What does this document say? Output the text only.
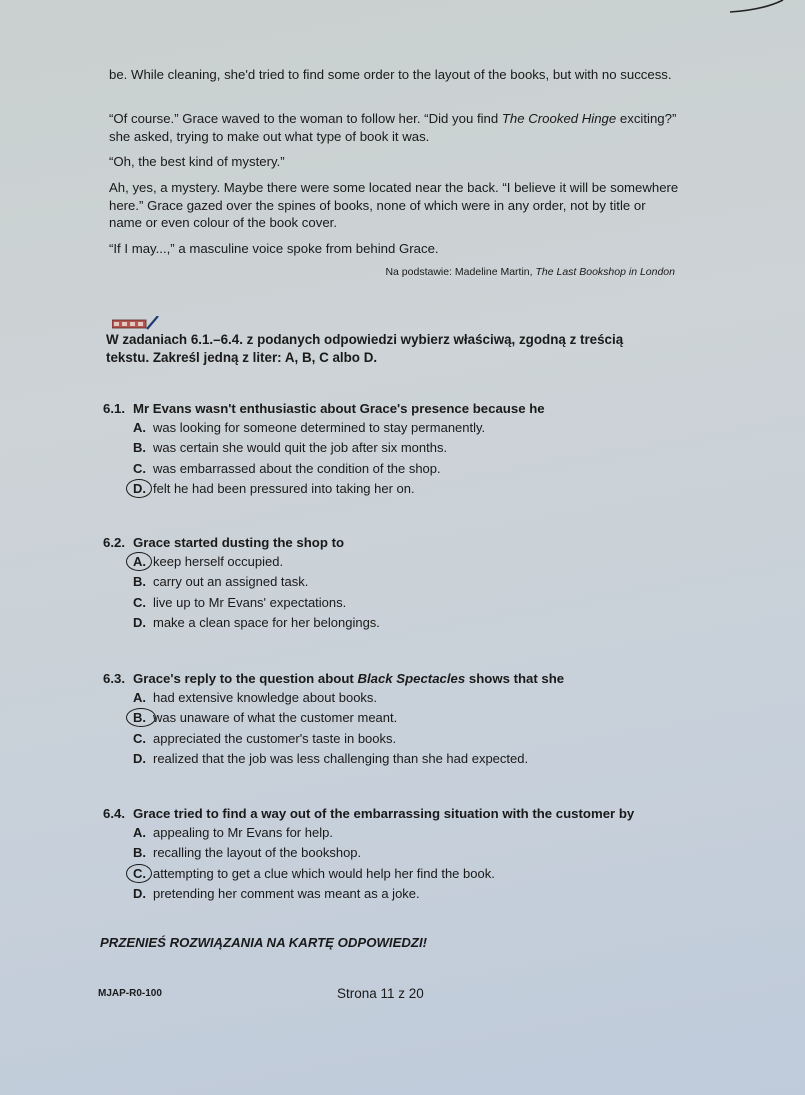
be. While cleaning, she'd tried to find some order to the layout of the books, but with no success.

“Of course.” Grace waved to the woman to follow her. “Did you find The Crooked Hinge exciting?” she asked, trying to make out what type of book it was.

“Oh, the best kind of mystery.”

Ah, yes, a mystery. Maybe there were some located near the back. “I believe it will be somewhere here.” Grace gazed over the spines of books, none of which were in any order, not by title or name or even colour of the book cover.

“If I may...,” a masculine voice spoke from behind Grace.

Na podstawie: Madeline Martin, The Last Bookshop in London
W zadaniach 6.1.–6.4. z podanych odpowiedzi wybierz właściwą, zgodną z treścią tekstu. Zakreśl jedną z liter: A, B, C albo D.
6.1. Mr Evans wasn't enthusiastic about Grace's presence because he
A. was looking for someone determined to stay permanently.
B. was certain she would quit the job after six months.
C. was embarrassed about the condition of the shop.
D. felt he had been pressured into taking her on.
6.2. Grace started dusting the shop to
A. keep herself occupied.
B. carry out an assigned task.
C. live up to Mr Evans' expectations.
D. make a clean space for her belongings.
6.3. Grace's reply to the question about Black Spectacles shows that she
A. had extensive knowledge about books.
B. was unaware of what the customer meant.
C. appreciated the customer's taste in books.
D. realized that the job was less challenging than she had expected.
6.4. Grace tried to find a way out of the embarrassing situation with the customer by
A. appealing to Mr Evans for help.
B. recalling the layout of the bookshop.
C. attempting to get a clue which would help her find the book.
D. pretending her comment was meant as a joke.
PRZENIEŚ ROZWIĄZANIA NA KARTĘ ODPOWIEDZI!
MJAP-R0-100	Strona 11 z 20
